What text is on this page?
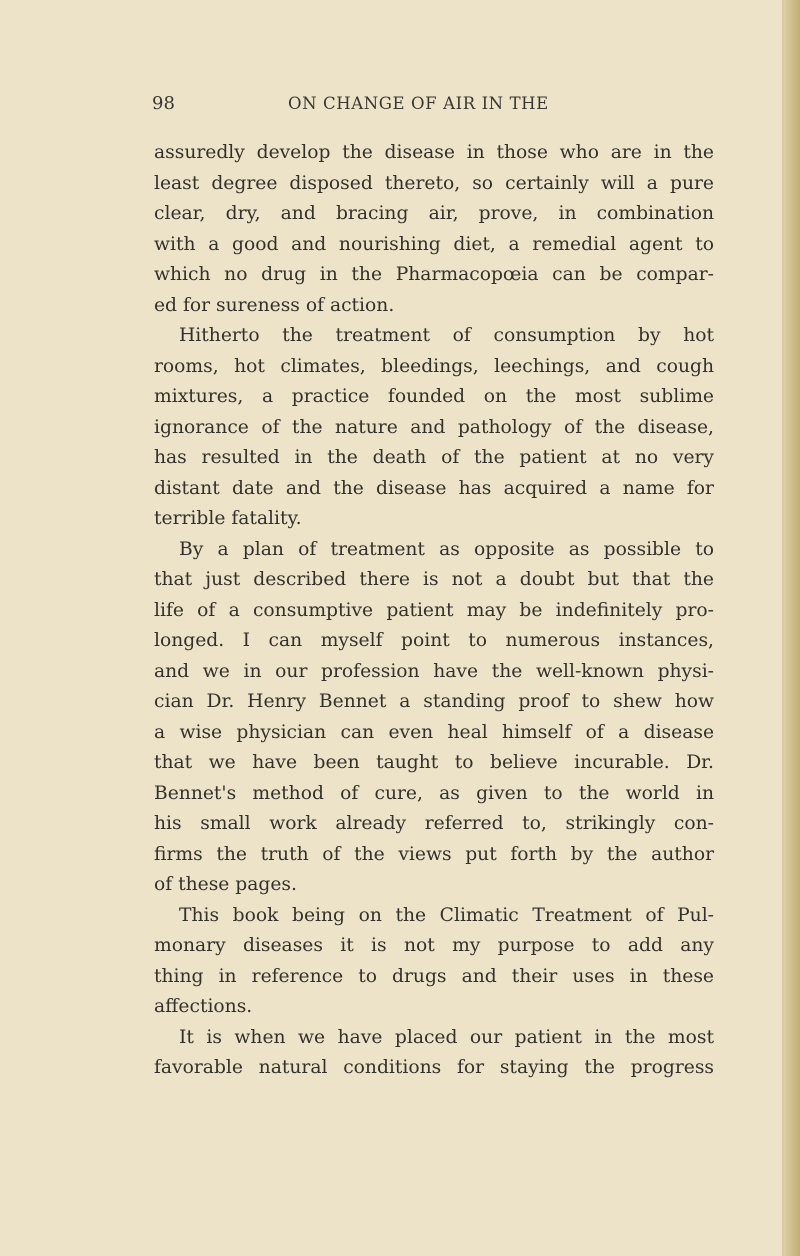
98	ON CHANGE OF AIR IN THE
assuredly develop the disease in those who are in the
least degree disposed thereto, so certainly will a pure
clear, dry, and bracing air, prove, in combination
with a good and nourishing diet, a remedial agent to
which no drug in the Pharmacopœia can be compar-
ed for sureness of action.
Hitherto the treatment of consumption by hot
rooms, hot climates, bleedings, leechings, and cough
mixtures, a practice founded on the most sublime
ignorance of the nature and pathology of the disease,
has resulted in the death of the patient at no very
distant date and the disease has acquired a name for
terrible fatality.
By a plan of treatment as opposite as possible to
that just described there is not a doubt but that the
life of a consumptive patient may be indefinitely pro-
longed. I can myself point to numerous instances,
and we in our profession have the well-known physi-
cian Dr. Henry Bennet a standing proof to shew how
a wise physician can even heal himself of a disease
that we have been taught to believe incurable. Dr.
Bennet's method of cure, as given to the world in
his small work already referred to, strikingly con-
firms the truth of the views put forth by the author
of these pages.
This book being on the Climatic Treatment of Pul-
monary diseases it is not my purpose to add any
thing in reference to drugs and their uses in these
affections.
It is when we have placed our patient in the most
favorable natural conditions for staying the progress
